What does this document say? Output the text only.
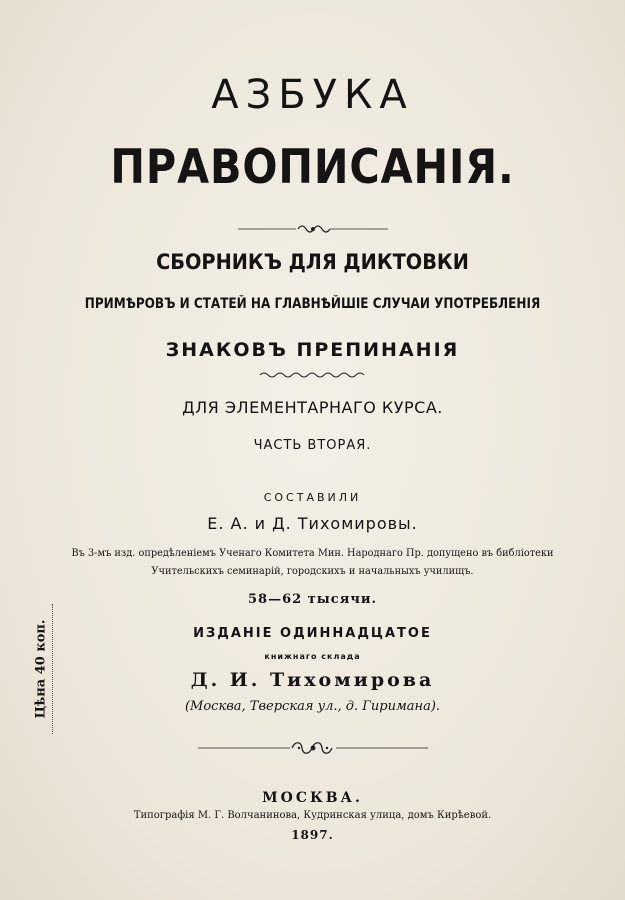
АЗБУКА
ПРАВОПИСАНІЯ.
СБОРНИКЪ ДЛЯ ДИКТОВКИ
ПРИМѢРОВЪ И СТАТЕЙ НА ГЛАВНѢЙШІЕ СЛУЧАИ УПОТРЕБЛЕНІЯ
ЗНАКОВЪ ПРЕПИНАНІЯ
ДЛЯ ЭЛЕМЕНТАРНАГО КУРСА.
ЧАСТЬ ВТОРАЯ.
СОСТАВИЛИ
Е. А. и Д. Тихомировы.
Въ 3-мъ изд. опредѣленіемъ Ученаго Комитета Мин. Народнаго Пр. допущено въ библіотеки
Учительскихъ семинарій, городскихъ и начальныхъ училищъ.
58—62 тысячи.
ИЗДАНІЕ ОДИННАДЦАТОЕ
книжнаго склада
Д. И. Тихомирова
(Москва, Тверская ул., д. Гиримана).
МОСКВА.
Типографія М. Г. Волчанинова, Кудринская улица, домъ Кирѣевой.
1897.
Цѣна 40 коп.
